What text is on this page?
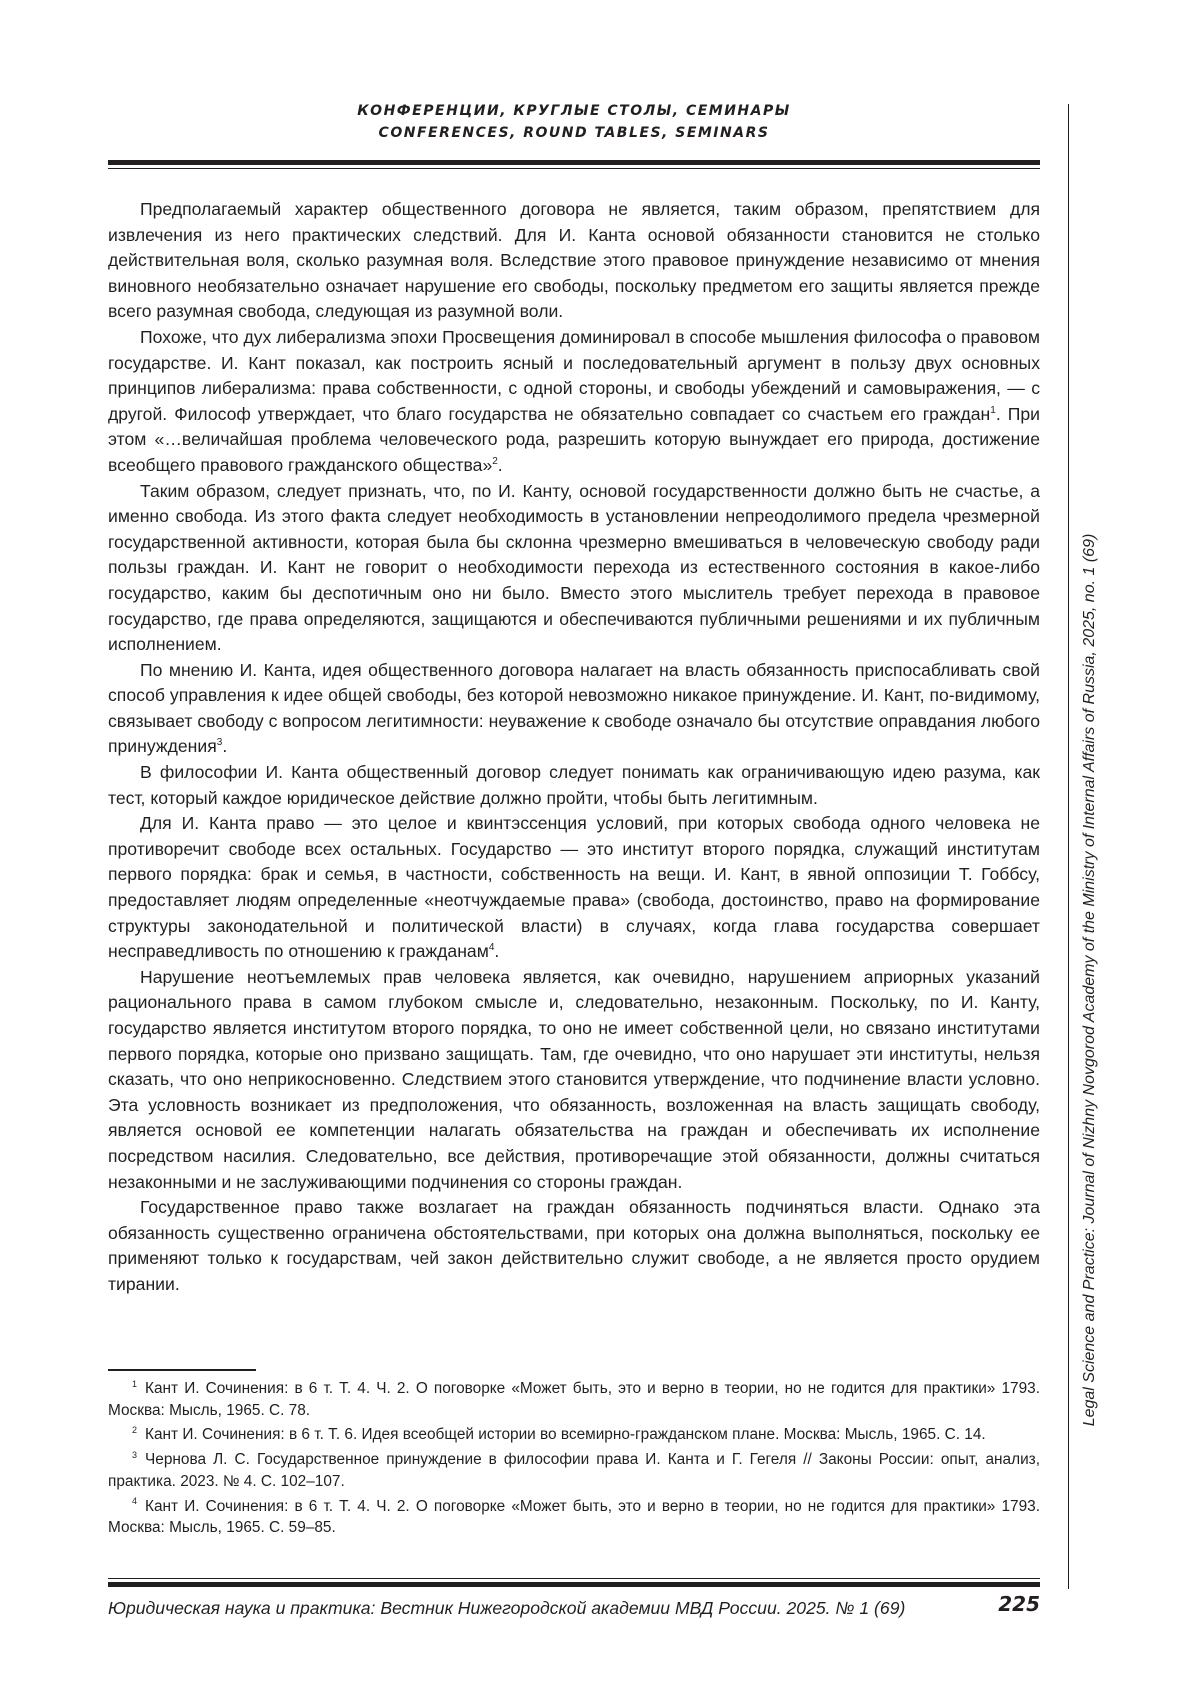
КОНФЕРЕНЦИИ, КРУГЛЫЕ СТОЛЫ, СЕМИНАРЫ
CONFERENCES, ROUND TABLES, SEMINARS
Legal Science and Practice: Journal of Nizhny Novgorod Academy of the Ministry of Internal Affairs of Russia, 2025, no. 1 (69)

Предполагаемый характер общественного договора не является, таким образом, препятствием для извлечения из него практических следствий. Для И. Канта основой обязанности становится не столько действительная воля, сколько разумная воля. Вследствие этого правовое принуждение независимо от мнения виновного необязательно означает нарушение его свободы, поскольку предметом его защиты является прежде всего разумная свобода, следующая из разумной воли.

Похоже, что дух либерализма эпохи Просвещения доминировал в способе мышления философа о правовом государстве. И. Кант показал, как построить ясный и последовательный аргумент в пользу двух основных принципов либерализма: права собственности, с одной стороны, и свободы убеждений и самовыражения, — с другой. Философ утверждает, что благо государства не обязательно совпадает со счастьем его граждан$^1$. При этом «…величайшая проблема человеческого рода, разрешить которую вынуждает его природа, достижение всеобщего правового гражданского общества»$^2$.

Таким образом, следует признать, что, по И. Канту, основой государственности должно быть не счастье, а именно свобода. Из этого факта следует необходимость в установлении непреодолимого предела чрезмерной государственной активности, которая была бы склонна чрезмерно вмешиваться в человеческую свободу ради пользы граждан. И. Кант не говорит о необходимости перехода из естественного состояния в какое-либо государство, каким бы деспотичным оно ни было. Вместо этого мыслитель требует перехода в правовое государство, где права определяются, защищаются и обеспечиваются публичными решениями и их публичным исполнением.

По мнению И. Канта, идея общественного договора налагает на власть обязанность приспосабливать свой способ управления к идее общей свободы, без которой невозможно никакое принуждение. И. Кант, по-видимому, связывает свободу с вопросом легитимности: неуважение к свободе означало бы отсутствие оправдания любого принуждения$^3$.

В философии И. Канта общественный договор следует понимать как ограничивающую идею разума, как тест, который каждое юридическое действие должно пройти, чтобы быть легитимным.

Для И. Канта право — это целое и квинтэссенция условий, при которых свобода одного человека не противоречит свободе всех остальных. Государство — это институт второго порядка, служащий институтам первого порядка: брак и семья, в частности, собственность на вещи. И. Кант, в явной оппозиции Т. Гоббсу, предоставляет людям определенные «неотчуждаемые права» (свобода, достоинство, право на формирование структуры законодательной и политической власти) в случаях, когда глава государства совершает несправедливость по отношению к гражданам$^4$.

Нарушение неотъемлемых прав человека является, как очевидно, нарушением априорных указаний рационального права в самом глубоком смысле и, следовательно, незаконным. Поскольку, по И. Канту, государство является институтом второго порядка, то оно не имеет собственной цели, но связано институтами первого порядка, которые оно призвано защищать. Там, где очевидно, что оно нарушает эти институты, нельзя сказать, что оно неприкосновенно. Следствием этого становится утверждение, что подчинение власти условно. Эта условность возникает из предположения, что обязанность, возложенная на власть защищать свободу, является основой ее компетенции налагать обязательства на граждан и обеспечивать их исполнение посредством насилия. Следовательно, все действия, противоречащие этой обязанности, должны считаться незаконными и не заслуживающими подчинения со стороны граждан.

Государственное право также возлагает на граждан обязанность подчиняться власти. Однако эта обязанность существенно ограничена обстоятельствами, при которых она должна выполняться, поскольку ее применяют только к государствам, чей закон действительно служит свободе, а не является просто орудием тирании.

$^1$ Кант И. Сочинения: в 6 т. Т. 4. Ч. 2. О поговорке «Может быть, это и верно в теории, но не годится для практики» 1793. Москва: Мысль, 1965. С. 78.

$^2$ Кант И. Сочинения: в 6 т. Т. 6. Идея всеобщей истории во всемирно-гражданском плане. Москва: Мысль, 1965. С. 14.

$^3$ Чернова Л. С. Государственное принуждение в философии права И. Канта и Г. Гегеля // Законы России: опыт, анализ, практика. 2023. № 4. С. 102–107.

$^4$ Кант И. Сочинения: в 6 т. Т. 4. Ч. 2. О поговорке «Может быть, это и верно в теории, но не годится для практики» 1793. Москва: Мысль, 1965. С. 59–85.

Юридическая наука и практика: Вестник Нижегородской академии МВД России. 2025. № 1 (69)	225
